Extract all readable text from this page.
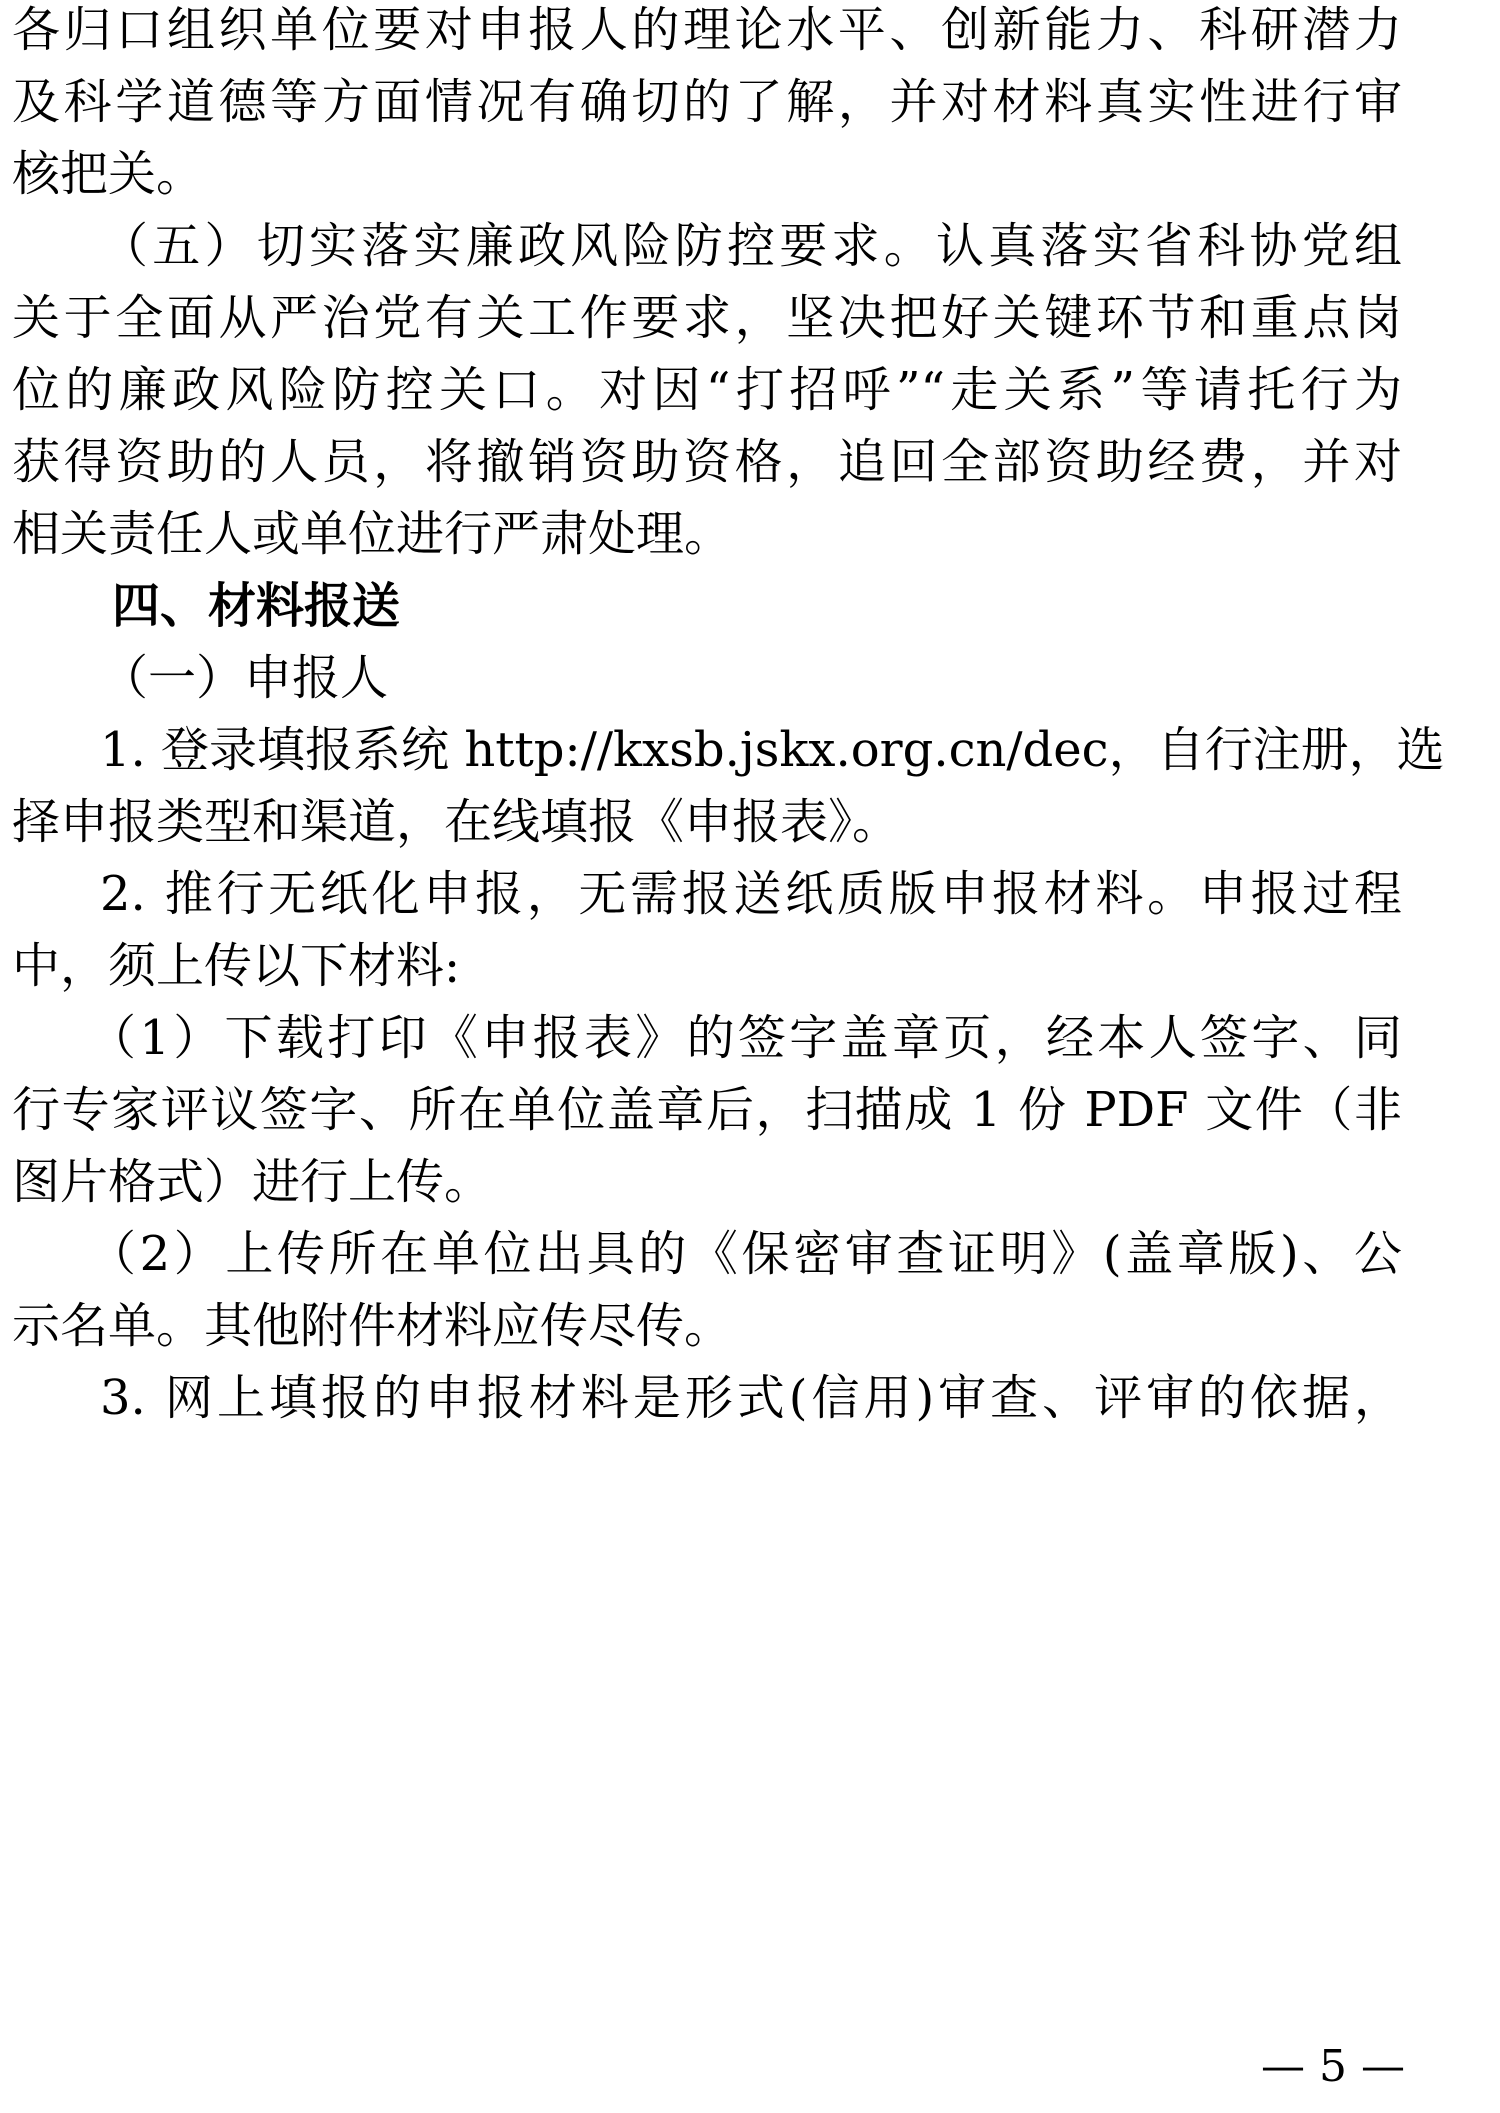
各归口组织单位要对申报人的理论水平、创新能力、科研潜力
及科学道德等方面情况有确切的了解，并对材料真实性进行审
核把关。
（五）切实落实廉政风险防控要求。认真落实省科协党组
关于全面从严治党有关工作要求，坚决把好关键环节和重点岗
位的廉政风险防控关口。对因“打招呼”“走关系”等请托行为
获得资助的人员，将撤销资助资格，追回全部资助经费，并对
相关责任人或单位进行严肃处理。
四、材料报送
（一）申报人
1. 登录填报系统 http://kxsb.jskx.org.cn/dec，自行注册，选
择申报类型和渠道，在线填报《申报表》。
2. 推行无纸化申报，无需报送纸质版申报材料。申报过程
中，须上传以下材料:
（1）下载打印《申报表》的签字盖章页，经本人签字、同
行专家评议签字、所在单位盖章后，扫描成 1 份 PDF 文件（非
图片格式）进行上传。
（2）上传所在单位出具的《保密审查证明》(盖章版)、公
示名单。其他附件材料应传尽传。
3. 网上填报的申报材料是形式(信用)审查、评审的依据，
— 5 —
